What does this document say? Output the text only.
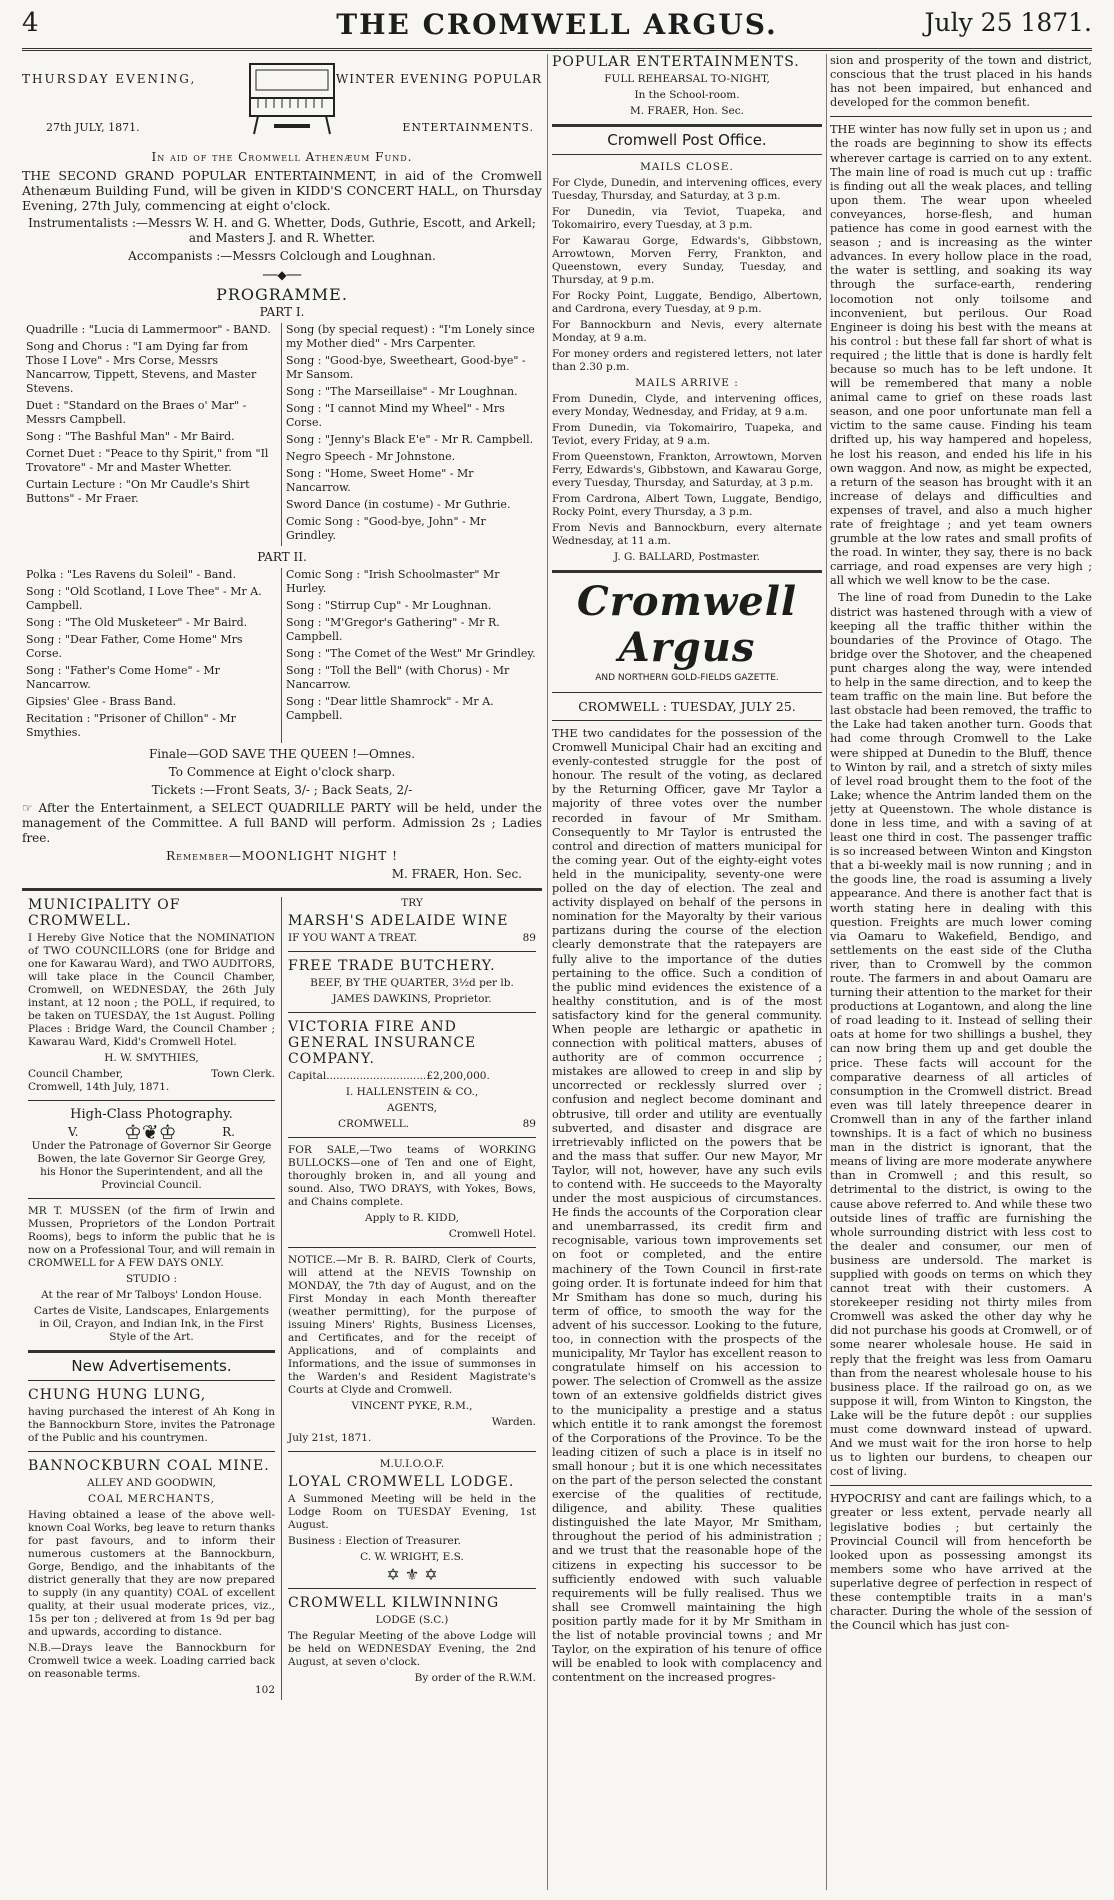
4	THE CROMWELL ARGUS.	July 25 1871.
THURSDAY EVENING,
27th JULY, 1871.
WINTER EVENING POPULAR
ENTERTAINMENTS.

In aid of the Cromwell Athenæum Fund.

THE SECOND GRAND POPULAR ENTERTAINMENT, in aid of the Cromwell Athenæum Building Fund, will be given in KIDD'S CONCERT HALL, on Thursday Evening, 27th July, commencing at eight o'clock.

Instrumentalists :—Messrs W. H. and G. Whetter, Dods, Guthrie, Escott, and Arkell; and Masters J. and R. Whetter.

Accompanists :—Messrs Colclough and Loughnan.

──◆──

PROGRAMME.

PART I.

Quadrille : "Lucia di Lammermoor" - BAND.

Song and Chorus : "I am Dying far from Those I Love" - Mrs Corse, Messrs Nancarrow, Tippett, Stevens, and Master Stevens.

Duet : "Standard on the Braes o' Mar" - Messrs Campbell.

Song : "The Bashful Man" - Mr Baird.

Cornet Duet : "Peace to thy Spirit," from "Il Trovatore" - Mr and Master Whetter.

Curtain Lecture : "On Mr Caudle's Shirt Buttons" - Mr Fraer.

Song (by special request) : "I'm Lonely since my Mother died" - Mrs Carpenter.

Song : "Good-bye, Sweetheart, Good-bye" - Mr Sansom.

Song : "The Marseillaise" - Mr Loughnan.

Song : "I cannot Mind my Wheel" - Mrs Corse.

Song : "Jenny's Black E'e" - Mr R. Campbell.

Negro Speech - Mr Johnstone.

Song : "Home, Sweet Home" - Mr Nancarrow.

Sword Dance (in costume) - Mr Guthrie.

Comic Song : "Good-bye, John" - Mr Grindley.

PART II.

Polka : "Les Ravens du Soleil" - Band.

Song : "Old Scotland, I Love Thee" - Mr A. Campbell.

Song : "The Old Musketeer" - Mr Baird.

Song : "Dear Father, Come Home" Mrs Corse.

Song : "Father's Come Home" - Mr Nancarrow.

Gipsies' Glee - Brass Band.

Recitation : "Prisoner of Chillon" - Mr Smythies.

Comic Song : "Irish Schoolmaster" Mr Hurley.

Song : "Stirrup Cup" - Mr Loughnan.

Song : "M'Gregor's Gathering" - Mr R. Campbell.

Song : "The Comet of the West" Mr Grindley.

Song : "Toll the Bell" (with Chorus) - Mr Nancarrow.

Song : "Dear little Shamrock" - Mr A. Campbell.

Finale—GOD SAVE THE QUEEN !—Omnes.

To Commence at Eight o'clock sharp.

Tickets :—Front Seats, 3/- ; Back Seats, 2/-

☞ After the Entertainment, a SELECT QUADRILLE PARTY will be held, under the management of the Committee. A full BAND will perform. Admission 2s ; Ladies free.

Remember—MOONLIGHT NIGHT !

M. FRAER, Hon. Sec.

MUNICIPALITY OF CROMWELL.

I Hereby Give Notice that the NOMINATION of TWO COUNCILLORS (one for Bridge and one for Kawarau Ward), and TWO AUDITORS, will take place in the Council Chamber, Cromwell, on WEDNESDAY, the 26th July instant, at 12 noon ; the POLL, if required, to be taken on TUESDAY, the 1st August. Polling Places : Bridge Ward, the Council Chamber ; Kawarau Ward, Kidd's Cromwell Hotel.

H. W. SMYTHIES,

Council Chamber,	Town Clerk.

Cromwell, 14th July, 1871.

High-Class Photography.

V. ♔❦♔	R.

Under the Patronage of Governor Sir George Bowen, the late Governor Sir George Grey, his Honor the Superintendent, and all the Provincial Council.

MR T. MUSSEN (of the firm of Irwin and Mussen, Proprietors of the London Portrait Rooms), begs to inform the public that he is now on a Professional Tour, and will remain in CROMWELL for A FEW DAYS ONLY.

STUDIO :

At the rear of Mr Talboys' London House.

Cartes de Visite, Landscapes, Enlargements in Oil, Crayon, and Indian Ink, in the First Style of the Art.

New Advertisements.

CHUNG HUNG LUNG,

having purchased the interest of Ah Kong in the Bannockburn Store, invites the Patronage of the Public and his countrymen.

BANNOCKBURN COAL MINE.

ALLEY AND GOODWIN,

COAL MERCHANTS,

Having obtained a lease of the above well-known Coal Works, beg leave to return thanks for past favours, and to inform their numerous customers at the Bannockburn, Gorge, Bendigo, and the inhabitants of the district generally that they are now prepared to supply (in any quantity) COAL of excellent quality, at their usual moderate prices, viz., 15s per ton ; delivered at from 1s 9d per bag and upwards, according to distance.

N.B.—Drays leave the Bannockburn for Cromwell twice a week. Loading carried back on reasonable terms.

102

TRY

MARSH'S ADELAIDE WINE

IF YOU WANT A TREAT.	89

FREE TRADE BUTCHERY.

BEEF, BY THE QUARTER, 3½d per lb.

JAMES DAWKINS, Proprietor.

VICTORIA FIRE AND GENERAL INSURANCE COMPANY.

Capital..............................£2,200,000.

I. HALLENSTEIN & CO.,

AGENTS,

CROMWELL.	89

FOR SALE,—Two teams of WORKING BULLOCKS—one of Ten and one of Eight, thoroughly broken in, and all young and sound. Also, TWO DRAYS, with Yokes, Bows, and Chains complete.

Apply to R. KIDD,

Cromwell Hotel.

NOTICE.—Mr B. R. BAIRD, Clerk of Courts, will attend at the NEVIS Township on MONDAY, the 7th day of August, and on the First Monday in each Month thereafter (weather permitting), for the purpose of issuing Miners' Rights, Business Licenses, and Certificates, and for the receipt of Applications, and of complaints and Informations, and the issue of summonses in the Warden's and Resident Magistrate's Courts at Clyde and Cromwell.

VINCENT PYKE, R.M.,

Warden.

July 21st, 1871.

M.U.I.O.O.F.

LOYAL CROMWELL LODGE.

A Summoned Meeting will be held in the Lodge Room on TUESDAY Evening, 1st August.

Business : Election of Treasurer.

C. W. WRIGHT, E.S.

✡ ⚜ ✡

CROMWELL KILWINNING

LODGE (S.C.)

The Regular Meeting of the above Lodge will be held on WEDNESDAY Evening, the 2nd August, at seven o'clock.

By order of the R.W.M.

POPULAR ENTERTAINMENTS.

FULL REHEARSAL TO-NIGHT,

In the School-room.

M. FRAER, Hon. Sec.

Cromwell Post Office.

MAILS CLOSE.

For Clyde, Dunedin, and intervening offices, every Tuesday, Thursday, and Saturday, at 3 p.m.

For Dunedin, via Teviot, Tuapeka, and Tokomairiro, every Tuesday, at 3 p.m.

For Kawarau Gorge, Edwards's, Gibbstown, Arrowtown, Morven Ferry, Frankton, and Queenstown, every Sunday, Tuesday, and Thursday, at 9 p.m.

For Rocky Point, Luggate, Bendigo, Albertown, and Cardrona, every Tuesday, at 9 p.m.

For Bannockburn and Nevis, every alternate Monday, at 9 a.m.

For money orders and registered letters, not later than 2.30 p.m.

MAILS ARRIVE :

From Dunedin, Clyde, and intervening offices, every Monday, Wednesday, and Friday, at 9 a.m.

From Dunedin, via Tokomairiro, Tuapeka, and Teviot, every Friday, at 9 a.m.

From Queenstown, Frankton, Arrowtown, Morven Ferry, Edwards's, Gibbstown, and Kawarau Gorge, every Tuesday, Thursday, and Saturday, at 3 p.m.

From Cardrona, Albert Town, Luggate, Bendigo, Rocky Point, every Thursday, a 3 p.m.

From Nevis and Bannockburn, every alternate Wednesday, at 11 a.m.

J. G. BALLARD, Postmaster.

Cromwell Argus

AND NORTHERN GOLD-FIELDS GAZETTE.

CROMWELL : TUESDAY, JULY 25.

THE two candidates for the possession of the Cromwell Municipal Chair had an exciting and evenly-contested struggle for the post of honour. The result of the voting, as declared by the Returning Officer, gave Mr Taylor a majority of three votes over the number recorded in favour of Mr Smitham. Consequently to Mr Taylor is entrusted the control and direction of matters municipal for the coming year. Out of the eighty-eight votes held in the municipality, seventy-one were polled on the day of election. The zeal and activity displayed on behalf of the persons in nomination for the Mayoralty by their various partizans during the course of the election clearly demonstrate that the ratepayers are fully alive to the importance of the duties pertaining to the office. Such a condition of the public mind evidences the existence of a healthy constitution, and is of the most satisfactory kind for the general community. When people are lethargic or apathetic in connection with political matters, abuses of authority are of common occurrence ; mistakes are allowed to creep in and slip by uncorrected or recklessly slurred over ; confusion and neglect become dominant and obtrusive, till order and utility are eventually subverted, and disaster and disgrace are irretrievably inflicted on the powers that be and the mass that suffer. Our new Mayor, Mr Taylor, will not, however, have any such evils to contend with. He succeeds to the Mayoralty under the most auspicious of circumstances. He finds the accounts of the Corporation clear and unembarrassed, its credit firm and recognisable, various town improvements set on foot or completed, and the entire machinery of the Town Council in first-rate going order. It is fortunate indeed for him that Mr Smitham has done so much, during his term of office, to smooth the way for the advent of his successor. Looking to the future, too, in connection with the prospects of the municipality, Mr Taylor has excellent reason to congratulate himself on his accession to power. The selection of Cromwell as the assize town of an extensive goldfields district gives to the municipality a prestige and a status which entitle it to rank amongst the foremost of the Corporations of the Province. To be the leading citizen of such a place is in itself no small honour ; but it is one which necessitates on the part of the person selected the constant exercise of the qualities of rectitude, diligence, and ability. These qualities distinguished the late Mayor, Mr Smitham, throughout the period of his administration ; and we trust that the reasonable hope of the citizens in expecting his successor to be sufficiently endowed with such valuable requirements will be fully realised. Thus we shall see Cromwell maintaining the high position partly made for it by Mr Smitham in the list of notable provincial towns ; and Mr Taylor, on the expiration of his tenure of office will be enabled to look with complacency and contentment on the increased progres-

sion and prosperity of the town and district, conscious that the trust placed in his hands has not been impaired, but enhanced and developed for the common benefit.

THE winter has now fully set in upon us ; and the roads are beginning to show its effects wherever cartage is carried on to any extent. The main line of road is much cut up : traffic is finding out all the weak places, and telling upon them. The wear upon wheeled conveyances, horse-flesh, and human patience has come in good earnest with the season ; and is increasing as the winter advances. In every hollow place in the road, the water is settling, and soaking its way through the surface-earth, rendering locomotion not only toilsome and inconvenient, but perilous. Our Road Engineer is doing his best with the means at his control : but these fall far short of what is required ; the little that is done is hardly felt because so much has to be left undone. It will be remembered that many a noble animal came to grief on these roads last season, and one poor unfortunate man fell a victim to the same cause. Finding his team drifted up, his way hampered and hopeless, he lost his reason, and ended his life in his own waggon. And now, as might be expected, a return of the season has brought with it an increase of delays and difficulties and expenses of travel, and also a much higher rate of freightage ; and yet team owners grumble at the low rates and small profits of the road. In winter, they say, there is no back carriage, and road expenses are very high ; all which we well know to be the case.

The line of road from Dunedin to the Lake district was hastened through with a view of keeping all the traffic thither within the boundaries of the Province of Otago. The bridge over the Shotover, and the cheapened punt charges along the way, were intended to help in the same direction, and to keep the team traffic on the main line. But before the last obstacle had been removed, the traffic to the Lake had taken another turn. Goods that had come through Cromwell to the Lake were shipped at Dunedin to the Bluff, thence to Winton by rail, and a stretch of sixty miles of level road brought them to the foot of the Lake; whence the Antrim landed them on the jetty at Queenstown. The whole distance is done in less time, and with a saving of at least one third in cost. The passenger traffic is so increased between Winton and Kingston that a bi-weekly mail is now running ; and in the goods line, the road is assuming a lively appearance. And there is another fact that is worth stating here in dealing with this question. Freights are much lower coming via Oamaru to Wakefield, Bendigo, and settlements on the east side of the Clutha river, than to Cromwell by the common route. The farmers in and about Oamaru are turning their attention to the market for their productions at Logantown, and along the line of road leading to it. Instead of selling their oats at home for two shillings a bushel, they can now bring them up and get double the price. These facts will account for the comparative dearness of all articles of consumption in the Cromwell district. Bread even was till lately threepence dearer in Cromwell than in any of the farther inland townships. It is a fact of which no business man in the district is ignorant, that the means of living are more moderate anywhere than in Cromwell ; and this result, so detrimental to the district, is owing to the cause above referred to. And while these two outside lines of traffic are furnishing the whole surrounding district with less cost to the dealer and consumer, our men of business are undersold. The market is supplied with goods on terms on which they cannot treat with their customers. A storekeeper residing not thirty miles from Cromwell was asked the other day why he did not purchase his goods at Cromwell, or of some nearer wholesale house. He said in reply that the freight was less from Oamaru than from the nearest wholesale house to his business place. If the railroad go on, as we suppose it will, from Winton to Kingston, the Lake will be the future depôt : our supplies must come downward instead of upward. And we must wait for the iron horse to help us to lighten our burdens, to cheapen our cost of living.

HYPOCRISY and cant are failings which, to a greater or less extent, pervade nearly all legislative bodies ; but certainly the Provincial Council will from henceforth be looked upon as possessing amongst its members some who have arrived at the superlative degree of perfection in respect of these contemptible traits in a man's character. During the whole of the session of the Council which has just con-
